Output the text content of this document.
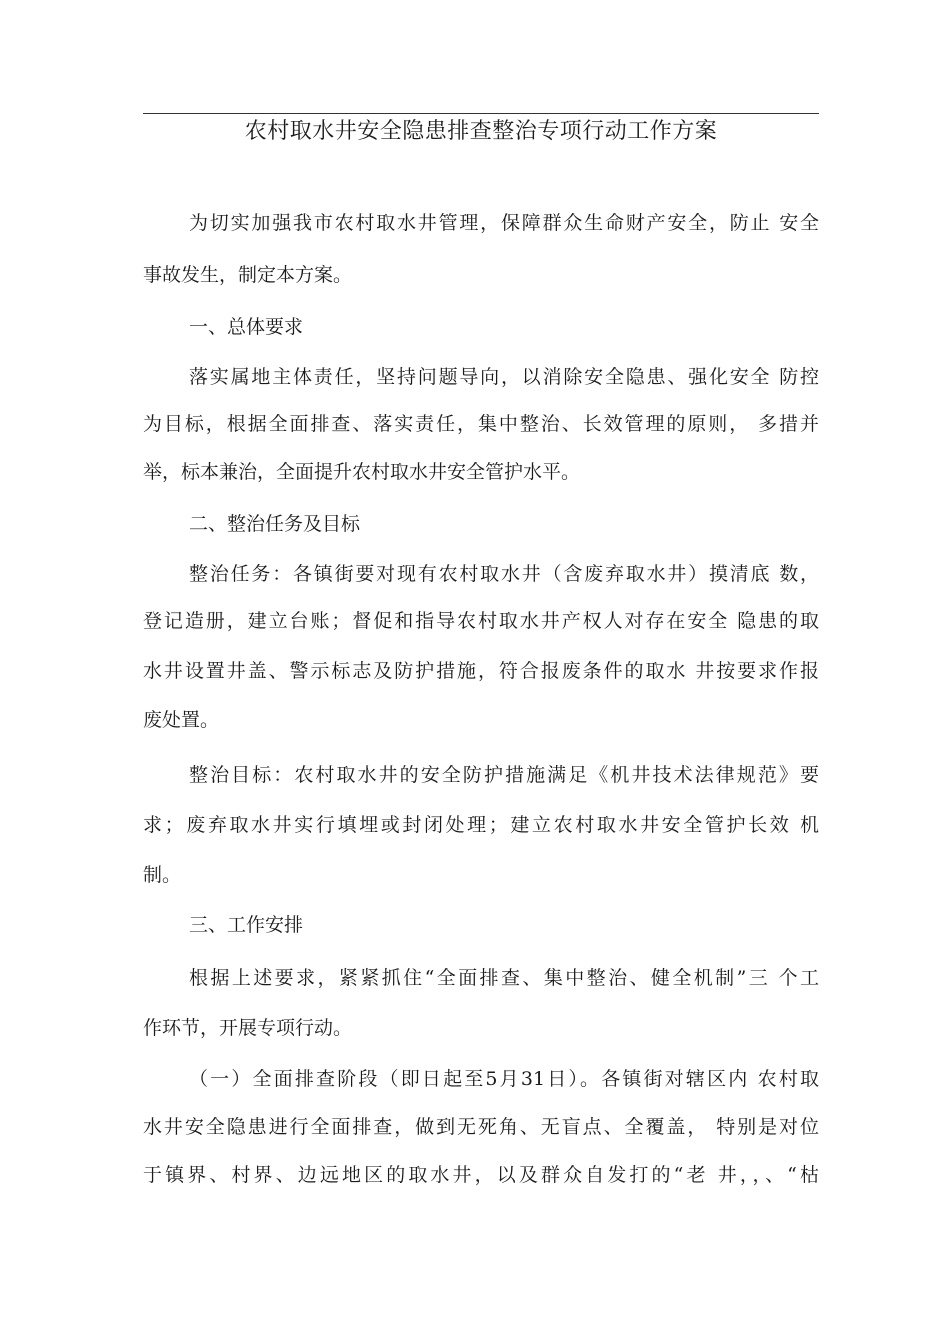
农村取水井安全隐患排查整治专项行动工作方案
为切实加强我市农村取水井管理，保障群众生命财产安全，防止 安全
事故发生，制定本方案。
一、总体要求
落实属地主体责任，坚持问题导向，以消除安全隐患、强化安全 防控
为目标，根据全面排查、落实责任，集中整治、长效管理的原则， 多措并
举，标本兼治，全面提升农村取水井安全管护水平。
二、整治任务及目标
整治任务：各镇街要对现有农村取水井（含废弃取水井）摸清底 数，
登记造册，建立台账；督促和指导农村取水井产权人对存在安全 隐患的取
水井设置井盖、警示标志及防护措施，符合报废条件的取水 井按要求作报
废处置。
整治目标：农村取水井的安全防护措施满足《机井技术法律规范》要
求；废弃取水井实行填埋或封闭处理；建立农村取水井安全管护长效 机
制。
三、工作安排
根据上述要求，紧紧抓住“全面排查、集中整治、健全机制”三 个工
作环节，开展专项行动。
（一）全面排查阶段（即日起至5月31日）。各镇街对辖区内 农村取
水井安全隐患进行全面排查，做到无死角、无盲点、全覆盖， 特别是对位
于镇界、村界、边远地区的取水井，以及群众自发打的“老 井，，、“枯
